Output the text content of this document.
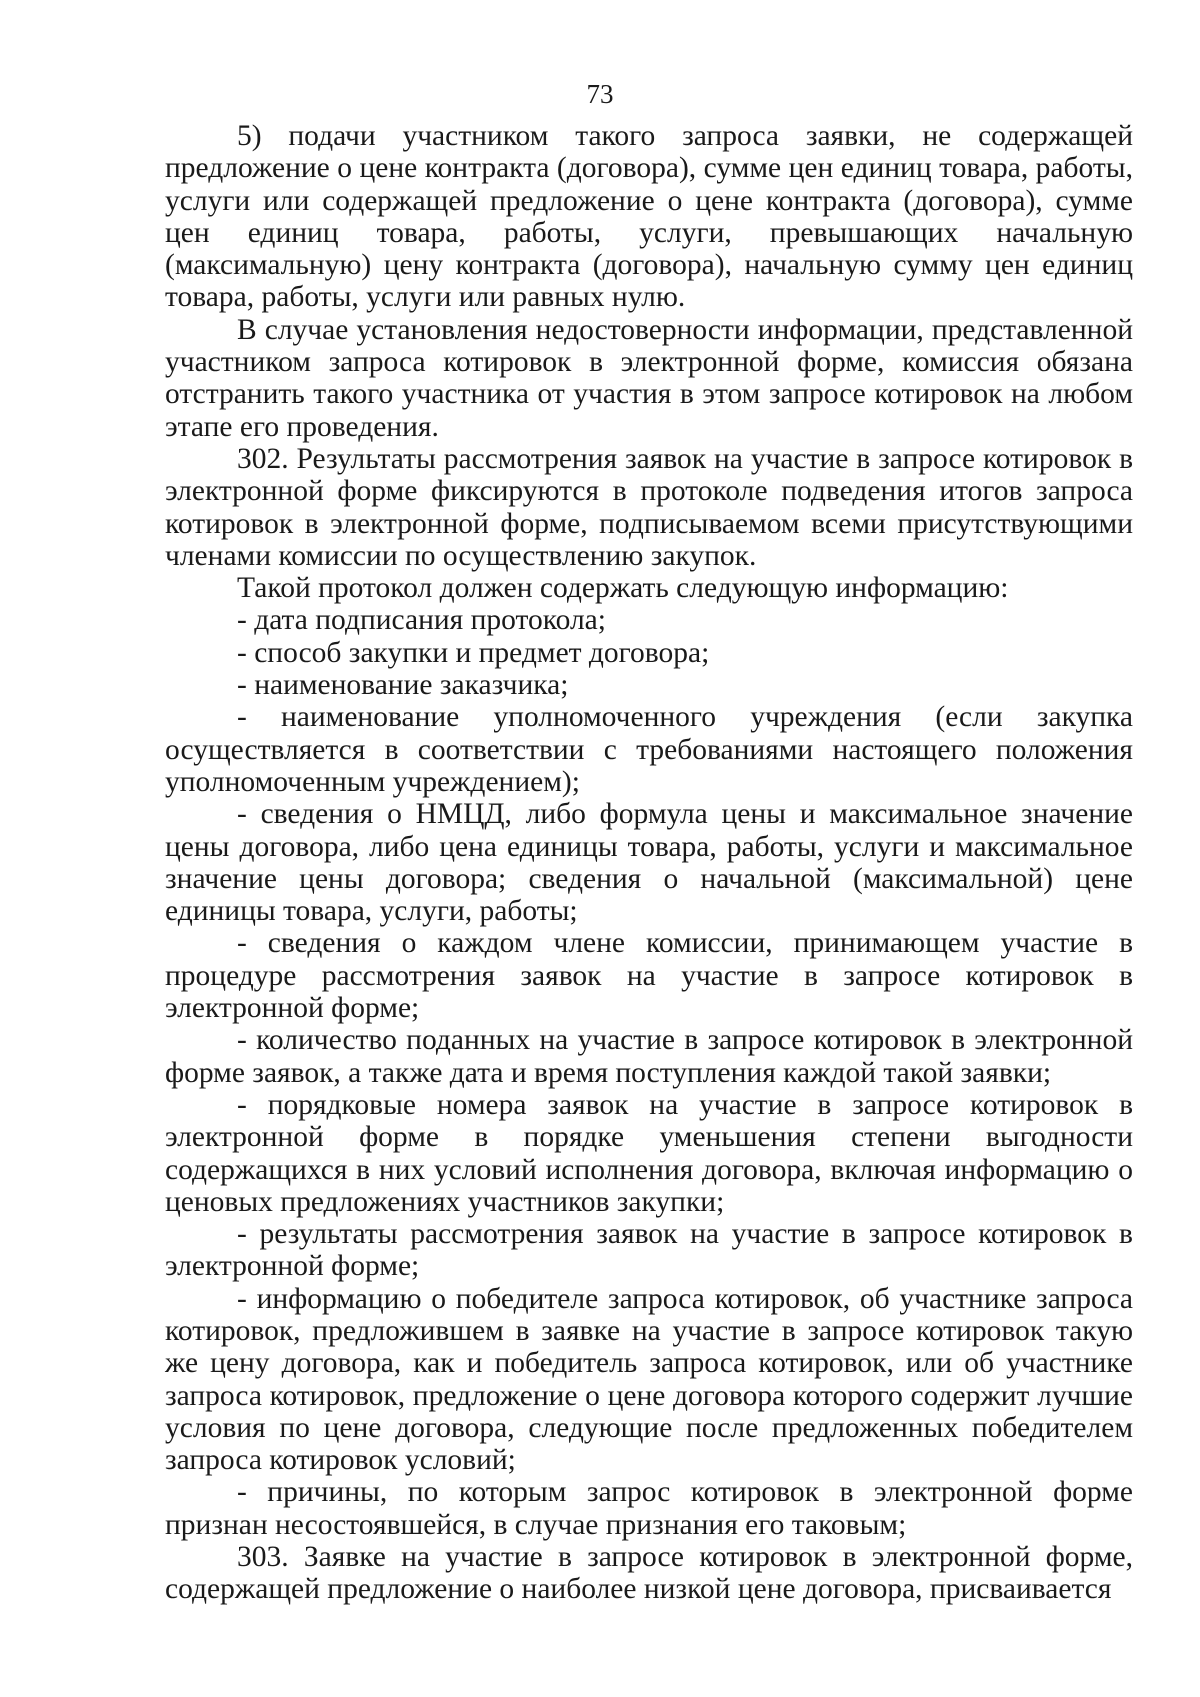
73

5) подачи участником такого запроса заявки, не содержащей предложение о цене контракта (договора), сумме цен единиц товара, работы, услуги или содержащей предложение о цене контракта (договора), сумме цен единиц товара, работы, услуги, превышающих начальную (максимальную) цену контракта (договора), начальную сумму цен единиц товара, работы, услуги или равных нулю.

В случае установления недостоверности информации, представленной участником запроса котировок в электронной форме, комиссия обязана отстранить такого участника от участия в этом запросе котировок на любом этапе его проведения.

302. Результаты рассмотрения заявок на участие в запросе котировок в электронной форме фиксируются в протоколе подведения итогов запроса котировок в электронной форме, подписываемом всеми присутствующими членами комиссии по осуществлению закупок.

Такой протокол должен содержать следующую информацию:

- дата подписания протокола;

- способ закупки и предмет договора;

- наименование заказчика;

- наименование уполномоченного учреждения (если закупка осуществляется в соответствии с требованиями настоящего положения уполномоченным учреждением);

- сведения о НМЦД, либо формула цены и максимальное значение цены договора, либо цена единицы товара, работы, услуги и максимальное значение цены договора; сведения о начальной (максимальной) цене единицы товара, услуги, работы;

- сведения о каждом члене комиссии, принимающем участие в процедуре рассмотрения заявок на участие в запросе котировок в электронной форме;

- количество поданных на участие в запросе котировок в электронной форме заявок, а также дата и время поступления каждой такой заявки;

- порядковые номера заявок на участие в запросе котировок в электронной форме в порядке уменьшения степени выгодности содержащихся в них условий исполнения договора, включая информацию о ценовых предложениях участников закупки;

- результаты рассмотрения заявок на участие в запросе котировок в электронной форме;

- информацию о победителе запроса котировок, об участнике запроса котировок, предложившем в заявке на участие в запросе котировок такую же цену договора, как и победитель запроса котировок, или об участнике запроса котировок, предложение о цене договора которого содержит лучшие условия по цене договора, следующие после предложенных победителем запроса котировок условий;

- причины, по которым запрос котировок в электронной форме признан несостоявшейся, в случае признания его таковым;

303. Заявке на участие в запросе котировок в электронной форме, содержащей предложение о наиболее низкой цене договора, присваивается
